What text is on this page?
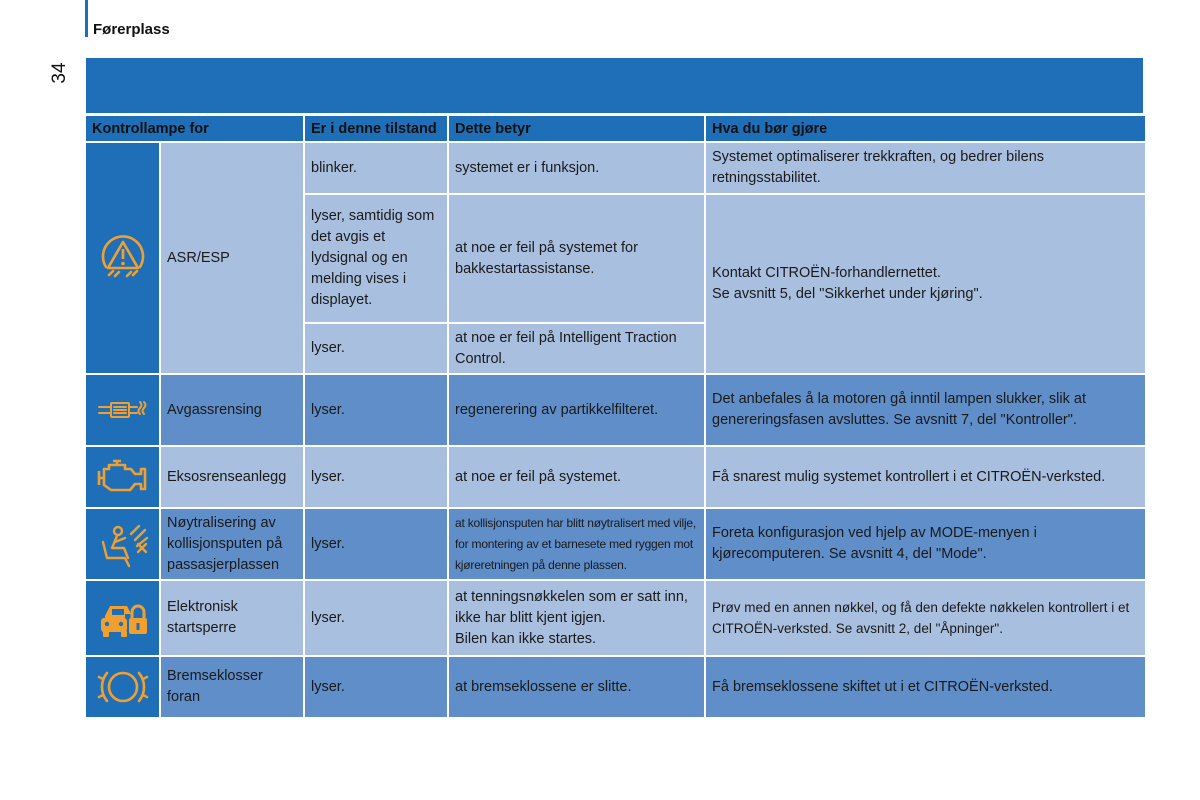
Førerplass
34
Kontrollampe for		Er i denne tilstand	Dette betyr	Hva du bør gjøre

	ASR/ESP	blinker.	systemet er i funksjon.	Systemet optimaliserer trekkraften, og bedrer bilens retningsstabilitet.
		lyser, samtidig som det avgis et lydsignal og en melding vises i displayet.	at noe er feil på systemet for bakkestartassistanse.	Kontakt CITROËN-forhandlernettet.
Se avsnitt 5, del "Sikkerhet under kjøring".

		lyser.	at noe er feil på Intelligent Traction Control.	

	Avgassrensing	lyser.	regenerering av partikkelfilteret.	Det anbefales å la motoren gå inntil lampen slukker, slik at genereringsfasen avsluttes. Se avsnitt 7, del "Kontroller".

	Eksosrenseanlegg	lyser.	at noe er feil på systemet.	Få snarest mulig systemet kontrollert i et CITROËN-verksted.

	Nøytralisering av kollisjonsputen på passasjerplassen	lyser.	at kollisjonsputen har blitt nøytralisert med vilje, for montering av et barnesete med ryggen mot kjøreretningen på denne plassen.	Foreta konfigurasjon ved hjelp av MODE-menyen i kjørecomputeren. Se avsnitt 4, del "Mode".

	Elektronisk startsperre	lyser.	at tenningsnøkkelen som er satt inn, ikke har blitt kjent igjen.
Bilen kan ikke startes.	Prøv med en annen nøkkel, og få den defekte nøkkelen kontrollert i et CITROËN-verksted. Se avsnitt 2, del "Åpninger".

	Bremseklosser foran	lyser.	at bremseklossene er slitte.	Få bremseklossene skiftet ut i et CITROËN-verksted.
